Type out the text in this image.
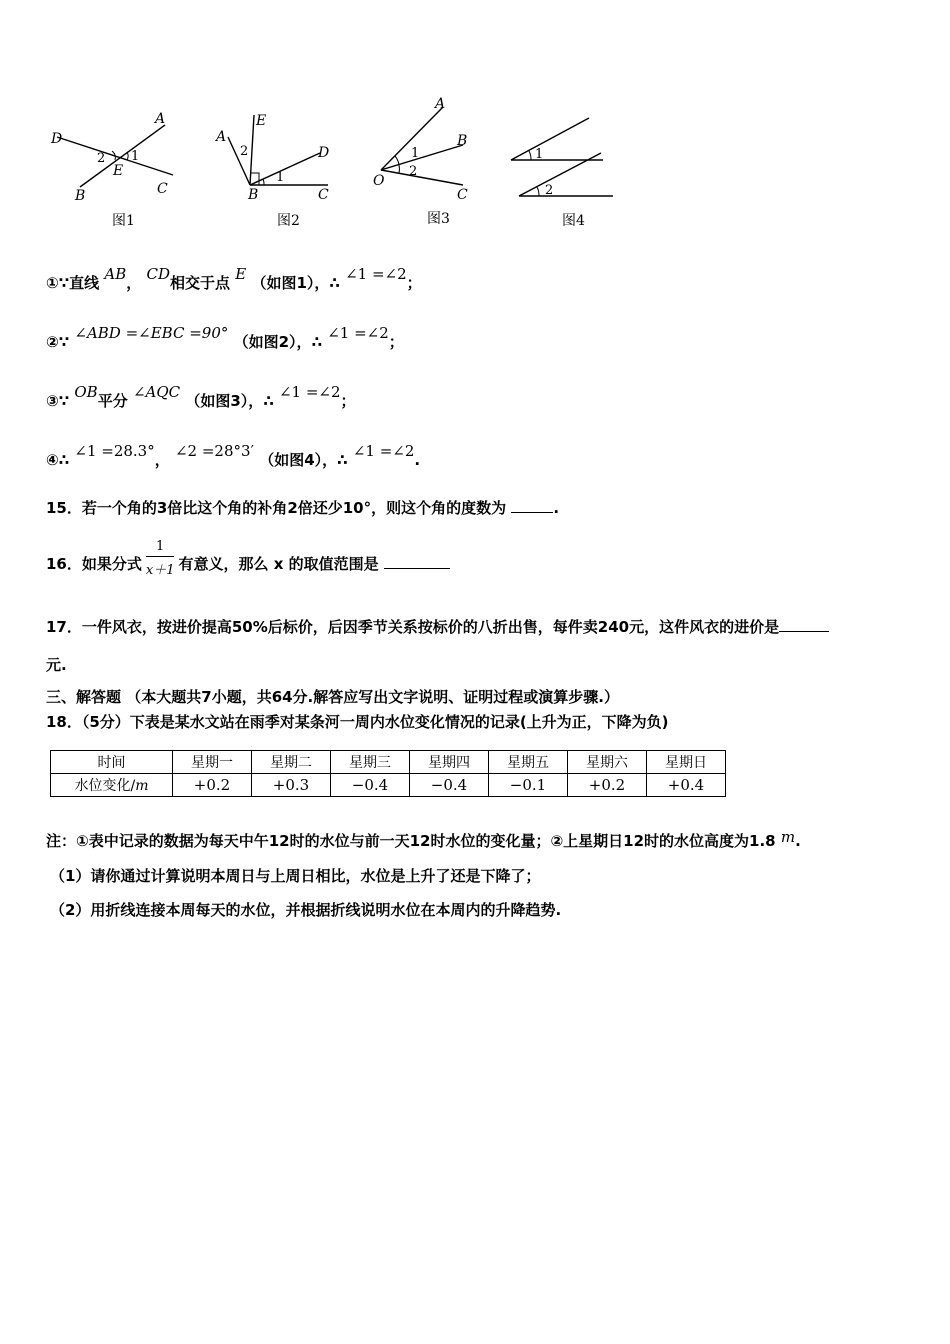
D
A
B	C
E
1
2
图1
A
E
D
B	C
1
2
图2
A
B
O
C
1
2
图3
1
2
图4
①∵直线 AB， CD相交于点 E （如图1），∴ ∠1 =∠2；
②∵ ∠ABD =∠EBC =90° （如图2），∴ ∠1 =∠2；
③∵ OB平分 ∠AQC （如图3），∴ ∠1 =∠2；
④∴ ∠1 =28.3°， ∠2 =28°3′ （如图4），∴ ∠1 =∠2.
15．若一个角的3倍比这个角的补角2倍还少10°，则这个角的度数为	.
16．如果分式 $\frac{1}{x+1}$ 有意义，那么 x 的取值范围是
17．一件风衣，按进价提高50%后标价，后因季节关系按标价的八折出售，每件卖240元，这件风衣的进价是
元.
三、解答题 （本大题共7小题，共64分.解答应写出文字说明、证明过程或演算步骤.）
18．（5分）下表是某水文站在雨季对某条河一周内水位变化情况的记录(上升为正，下降为负)
时间	星期一	星期二	星期三	星期四	星期五	星期六	星期日
水位变化/m	+0.2	+0.3	−0.4	−0.4	−0.1	+0.2	+0.4
注：①表中记录的数据为每天中午12时的水位与前一天12时水位的变化量；②上星期日12时的水位高度为1.8 m.
（1）请你通过计算说明本周日与上周日相比，水位是上升了还是下降了；
（2）用折线连接本周每天的水位，并根据折线说明水位在本周内的升降趋势.
